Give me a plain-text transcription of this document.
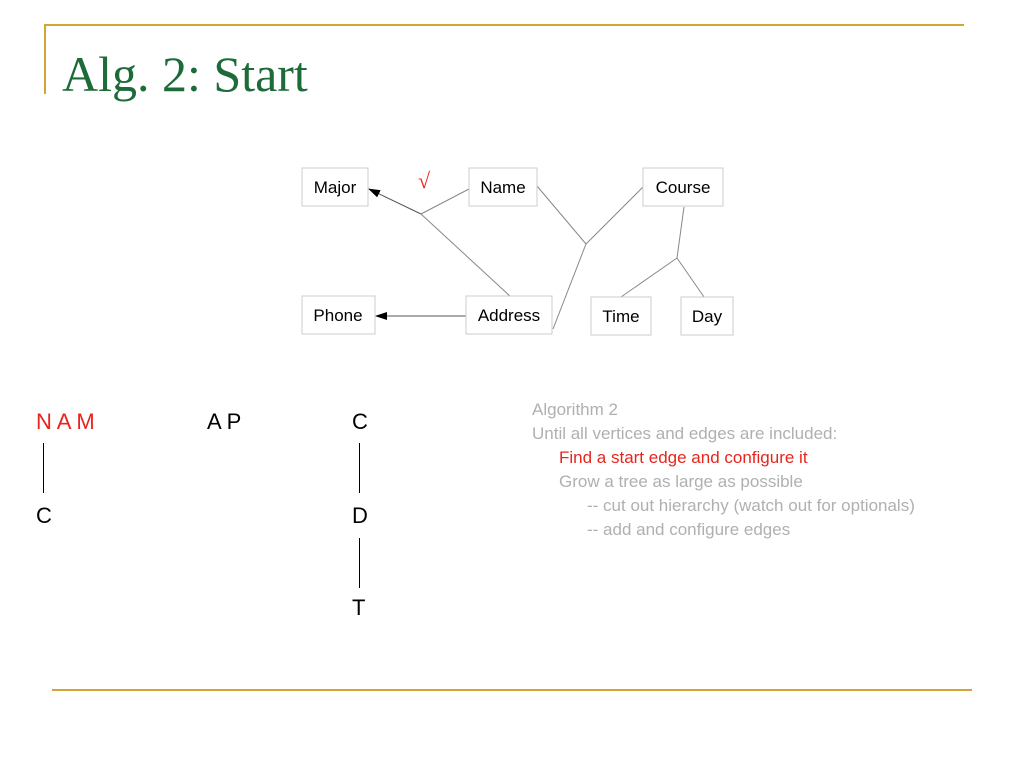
Alg. 2: Start
Major	Name	Course
Phone	Address	Time	Day
√
N A M
C
A P	C
D
T
Algorithm 2
Until all vertices and edges are included:
Find a start edge and configure it
Grow a tree as large as possible
-- cut out hierarchy (watch out for optionals)
-- add and configure edges
